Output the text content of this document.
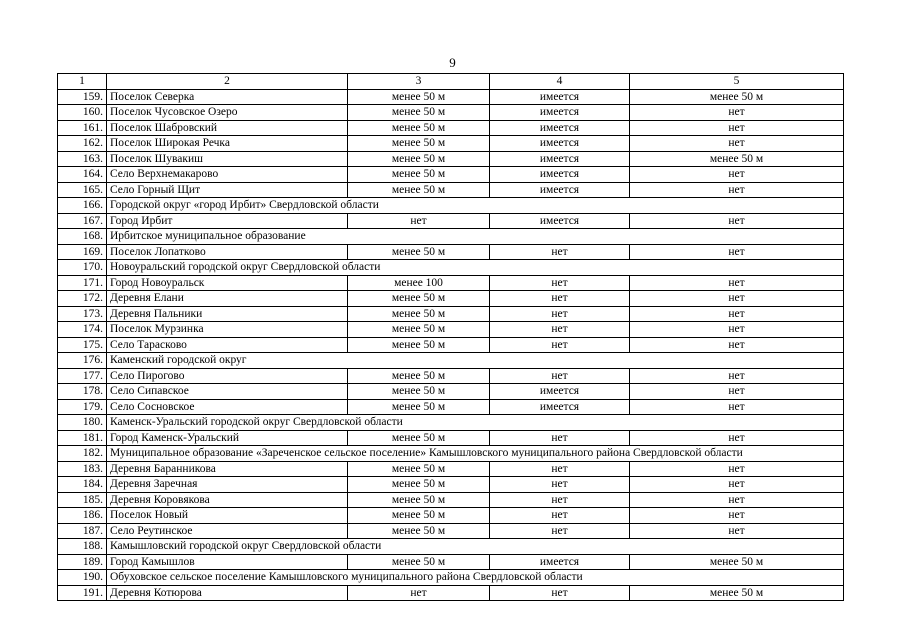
9
1	2	3	4	5
159.	Поселок Северка	менее 50 м	имеется	менее 50 м
160.	Поселок Чусовское Озеро	менее 50 м	имеется	нет
161.	Поселок Шабровский	менее 50 м	имеется	нет
162.	Поселок Широкая Речка	менее 50 м	имеется	нет
163.	Поселок Шувакиш	менее 50 м	имеется	менее 50 м
164.	Село Верхнемакарово	менее 50 м	имеется	нет
165.	Село Горный Щит	менее 50 м	имеется	нет
166.	Городской округ «город Ирбит» Свердловской области			
167.	Город Ирбит	нет	имеется	нет
168.	Ирбитское муниципальное образование			
169.	Поселок Лопатково	менее 50 м	нет	нет
170.	Новоуральский городской округ Свердловской области			
171.	Город Новоуральск	менее 100	нет	нет
172.	Деревня Елани	менее 50 м	нет	нет
173.	Деревня Пальники	менее 50 м	нет	нет
174.	Поселок Мурзинка	менее 50 м	нет	нет
175.	Село Тарасково	менее 50 м	нет	нет
176.	Каменский городской округ			
177.	Село Пирогово	менее 50 м	нет	нет
178.	Село Сипавское	менее 50 м	имеется	нет
179.	Село Сосновское	менее 50 м	имеется	нет
180.	Каменск-Уральский городской округ Свердловской области			
181.	Город Каменск-Уральский	менее 50 м	нет	нет
182.	Муниципальное образование «Зареченское сельское поселение» Камышловского муниципального района Свердловской области			
183.	Деревня Баранникова	менее 50 м	нет	нет
184.	Деревня Заречная	менее 50 м	нет	нет
185.	Деревня Коровякова	менее 50 м	нет	нет
186.	Поселок Новый	менее 50 м	нет	нет
187.	Село Реутинское	менее 50 м	нет	нет
188.	Камышловский городской округ Свердловской области			
189.	Город Камышлов	менее 50 м	имеется	менее 50 м
190.	Обуховское сельское поселение Камышловского муниципального района Свердловской области			
191.	Деревня Котюрова	нет	нет	менее 50 м
